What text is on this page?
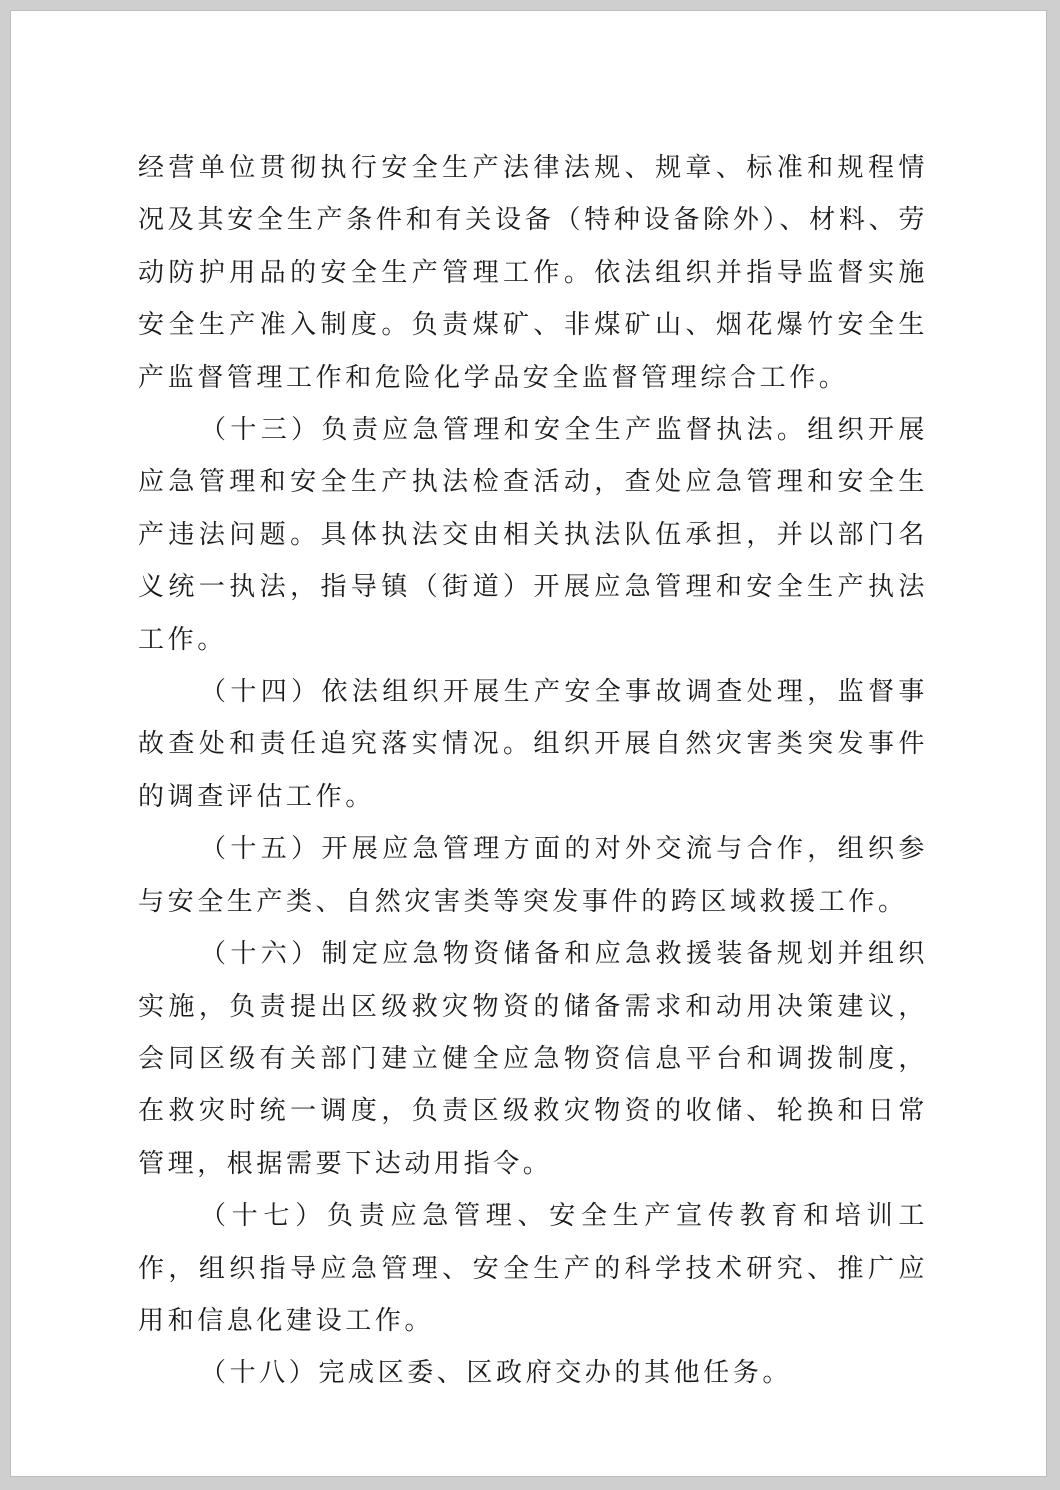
经营单位贯彻执行安全生产法律法规、规章、标准和规程情况及其安全生产条件和有关设备（特种设备除外）、材料、劳动防护用品的安全生产管理工作。依法组织并指导监督实施安全生产准入制度。负责煤矿、非煤矿山、烟花爆竹安全生产监督管理工作和危险化学品安全监督管理综合工作。

（十三）负责应急管理和安全生产监督执法。组织开展应急管理和安全生产执法检查活动，查处应急管理和安全生产违法问题。具体执法交由相关执法队伍承担，并以部门名义统一执法，指导镇（街道）开展应急管理和安全生产执法工作。

（十四）依法组织开展生产安全事故调查处理，监督事故查处和责任追究落实情况。组织开展自然灾害类突发事件的调查评估工作。

（十五）开展应急管理方面的对外交流与合作，组织参与安全生产类、自然灾害类等突发事件的跨区域救援工作。

（十六）制定应急物资储备和应急救援装备规划并组织实施，负责提出区级救灾物资的储备需求和动用决策建议，会同区级有关部门建立健全应急物资信息平台和调拨制度，在救灾时统一调度，负责区级救灾物资的收储、轮换和日常管理，根据需要下达动用指令。

（十七）负责应急管理、安全生产宣传教育和培训工作，组织指导应急管理、安全生产的科学技术研究、推广应用和信息化建设工作。

（十八）完成区委、区政府交办的其他任务。
